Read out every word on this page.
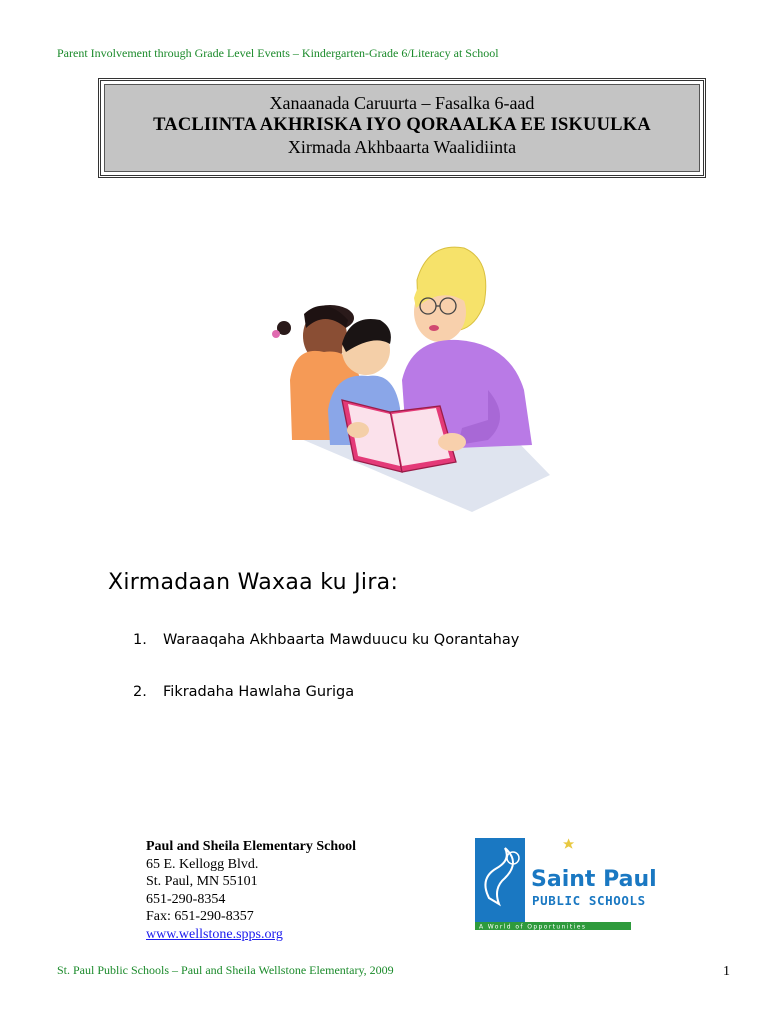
Parent Involvement through Grade Level Events – Kindergarten-Grade 6/Literacy at School
Xanaanada Caruurta – Fasalka 6-aad
TACLIINTA AKHRISKA IYO QORAALKA EE ISKUULKA
Xirmada Akhbaarta Waalidiinta
Xirmadaan Waxaa ku Jira:
1.	Waraaqaha Akhbaarta Mawduucu ku Qorantahay
2.	Fikradaha Hawlaha Guriga
Paul and Sheila Elementary School
65 E. Kellogg Blvd.
St. Paul, MN 55101
651-290-8354
Fax: 651-290-8357
www.wellstone.spps.org
Saint Paul
PUBLIC SCHOOLS
A World of Opportunities
St. Paul Public Schools – Paul and Sheila Wellstone Elementary, 2009	1
